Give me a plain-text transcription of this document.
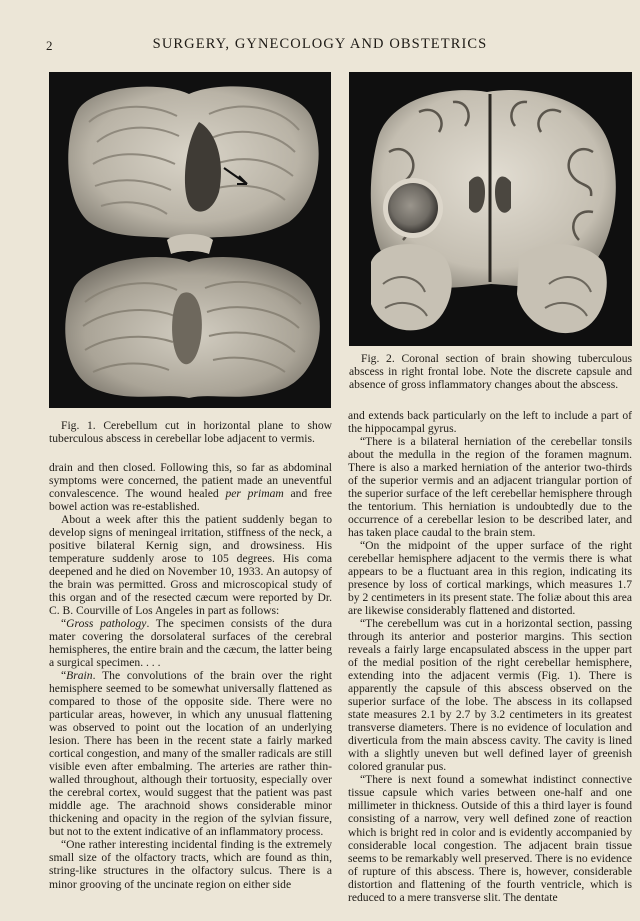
2	SURGERY, GYNECOLOGY AND OBSTETRICS
Fig. 2. Coronal section of brain showing tuberculous abscess in right frontal lobe. Note the discrete capsule and absence of gross inflammatory changes about the abscess.
Fig. 1. Cerebellum cut in horizontal plane to show tuberculous abscess in cerebellar lobe adjacent to vermis.

drain and then closed. Following this, so far as abdominal symptoms were concerned, the patient made an uneventful convalescence. The wound healed per primam and free bowel action was re-established.

About a week after this the patient suddenly began to develop signs of meningeal irritation, stiffness of the neck, a positive bilateral Kernig sign, and drowsiness. His temperature suddenly arose to 105 degrees. His coma deepened and he died on November 10, 1933. An autopsy of the brain was permitted. Gross and microscopical study of this organ and of the resected cæcum were reported by Dr. C. B. Courville of Los Angeles in part as follows:

“Gross pathology. The specimen consists of the dura mater covering the dorsolateral surfaces of the cerebral hemispheres, the entire brain and the cæcum, the latter being a surgical specimen. . . .

“Brain. The convolutions of the brain over the right hemisphere seemed to be somewhat universally flattened as compared to those of the opposite side. There were no particular areas, however, in which any unusual flattening was observed to point out the location of an underlying lesion. There has been in the recent state a fairly marked cortical congestion, and many of the smaller radicals are still visible even after embalming. The arteries are rather thin-walled throughout, although their tortuosity, especially over the cerebral cortex, would suggest that the patient was past middle age. The arachnoid shows considerable minor thickening and opacity in the region of the sylvian fissure, but not to the extent indicative of an inflammatory process.

“One rather interesting incidental finding is the extremely small size of the olfactory tracts, which are found as thin, string-like structures in the olfactory sulcus. There is a minor grooving of the uncinate region on either side

and extends back particularly on the left to include a part of the hippocampal gyrus.

“There is a bilateral herniation of the cerebellar tonsils about the medulla in the region of the foramen magnum. There is also a marked herniation of the anterior two-thirds of the superior vermis and an adjacent triangular portion of the superior surface of the left cerebellar hemisphere through the tentorium. This herniation is undoubtedly due to the occurrence of a cerebellar lesion to be described later, and has taken place caudal to the brain stem.

“On the midpoint of the upper surface of the right cerebellar hemisphere adjacent to the vermis there is what appears to be a fluctuant area in this region, indicating its presence by loss of cortical markings, which measures 1.7 by 2 centimeters in its present state. The foliæ about this area are likewise considerably flattened and distorted.

“The cerebellum was cut in a horizontal section, passing through its anterior and posterior margins. This section reveals a fairly large encapsulated abscess in the upper part of the medial position of the right cerebellar hemisphere, extending into the adjacent vermis (Fig. 1). There is apparently the capsule of this abscess observed on the superior surface of the lobe. The abscess in its collapsed state measures 2.1 by 2.7 by 3.2 centimeters in its greatest transverse diameters. There is no evidence of loculation and diverticula from the main abscess cavity. The cavity is lined with a slightly uneven but well defined layer of greenish colored granular pus.

“There is next found a somewhat indistinct connective tissue capsule which varies between one-half and one millimeter in thickness. Outside of this a third layer is found consisting of a narrow, very well defined zone of reaction which is bright red in color and is evidently accompanied by considerable local congestion. The adjacent brain tissue seems to be remarkably well preserved. There is no evidence of rupture of this abscess. There is, however, considerable distortion and flattening of the fourth ventricle, which is reduced to a mere transverse slit. The dentate
